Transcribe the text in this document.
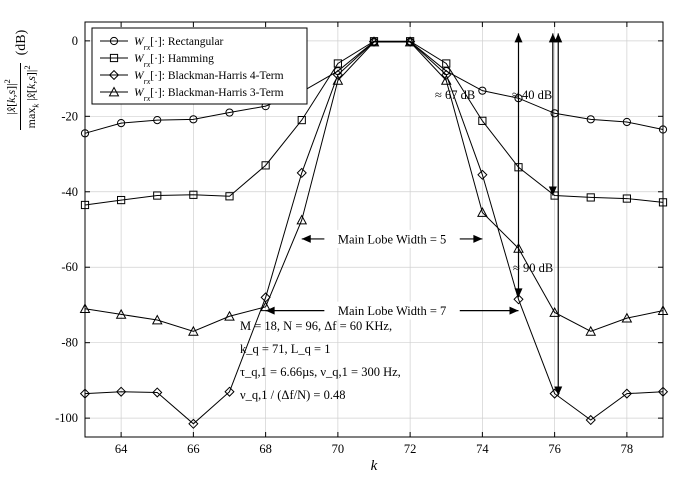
Main Lobe Width = 5
Main Lobe Width = 7
≈ 67 dB	≈ 40 dB
≈ 90 dB
64	66	68	70	72	74	76	78
0
-20
-40
-60
-80
-100
$W_{rx}[\cdot]$: Rectangular
$W_{rx}[\cdot]$: Hamming
$W_{rx}[\cdot]$: Blackman-Harris 4-Term
$W_{rx}[\cdot]$: Blackman-Harris 3-Term
M = 18, N = 96, Δf = 60 KHz,
k_q = 71, L_q = 1
τ_q,1 = 6.66µs, ν_q,1 = 300 Hz,
ν_q,1 / (Δf/N) = 0.48
k
$|x̂[k,s]|^2$
$\max_k$ $|x̂[k,s]|^2$
(dB)
